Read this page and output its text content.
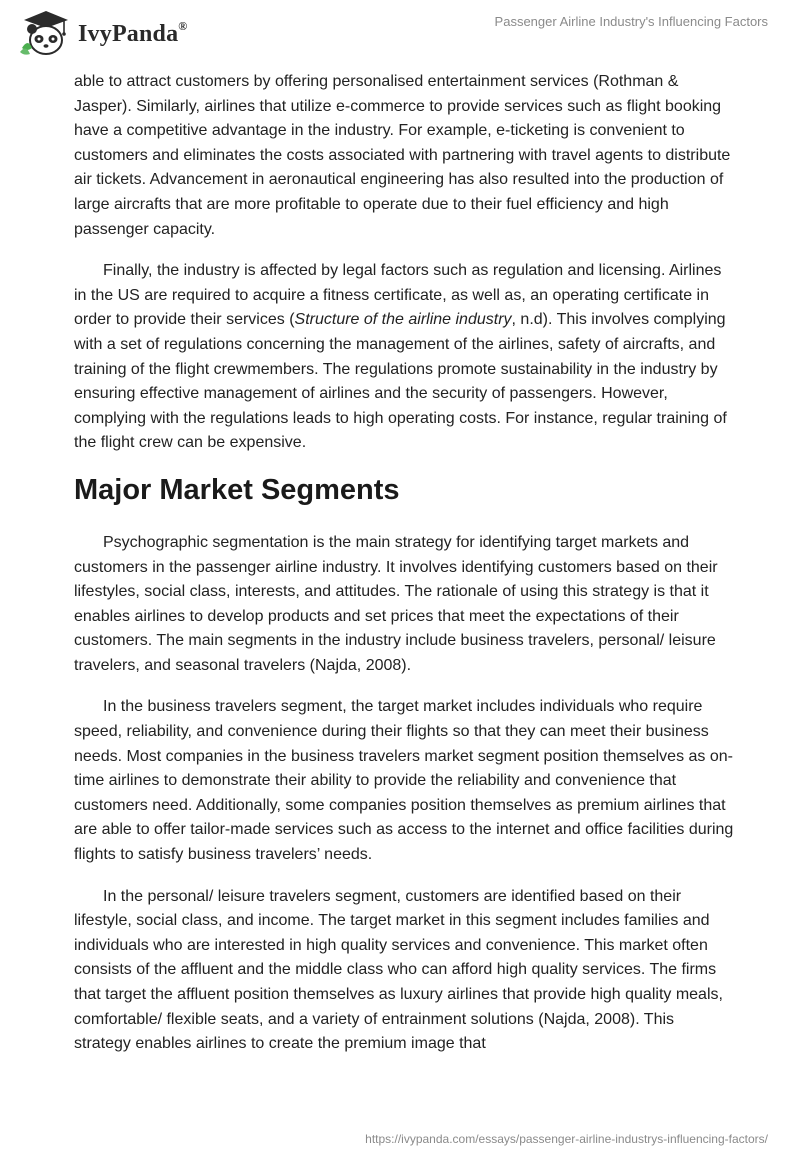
IvyPanda®	Passenger Airline Industry's Influencing Factors

able to attract customers by offering personalised entertainment services (Rothman & Jasper). Similarly, airlines that utilize e-commerce to provide services such as flight booking have a competitive advantage in the industry. For example, e-ticketing is convenient to customers and eliminates the costs associated with partnering with travel agents to distribute air tickets. Advancement in aeronautical engineering has also resulted into the production of large aircrafts that are more profitable to operate due to their fuel efficiency and high passenger capacity.

Finally, the industry is affected by legal factors such as regulation and licensing. Airlines in the US are required to acquire a fitness certificate, as well as, an operating certificate in order to provide their services (Structure of the airline industry, n.d). This involves complying with a set of regulations concerning the management of the airlines, safety of aircrafts, and training of the flight crewmembers. The regulations promote sustainability in the industry by ensuring effective management of airlines and the security of passengers. However, complying with the regulations leads to high operating costs. For instance, regular training of the flight crew can be expensive.

Major Market Segments

Psychographic segmentation is the main strategy for identifying target markets and customers in the passenger airline industry. It involves identifying customers based on their lifestyles, social class, interests, and attitudes. The rationale of using this strategy is that it enables airlines to develop products and set prices that meet the expectations of their customers. The main segments in the industry include business travelers, personal/ leisure travelers, and seasonal travelers (Najda, 2008).

In the business travelers segment, the target market includes individuals who require speed, reliability, and convenience during their flights so that they can meet their business needs. Most companies in the business travelers market segment position themselves as on-time airlines to demonstrate their ability to provide the reliability and convenience that customers need. Additionally, some companies position themselves as premium airlines that are able to offer tailor-made services such as access to the internet and office facilities during flights to satisfy business travelers’ needs.

In the personal/ leisure travelers segment, customers are identified based on their lifestyle, social class, and income. The target market in this segment includes families and individuals who are interested in high quality services and convenience. This market often consists of the affluent and the middle class who can afford high quality services. The firms that target the affluent position themselves as luxury airlines that provide high quality meals, comfortable/ flexible seats, and a variety of entrainment solutions (Najda, 2008). This strategy enables airlines to create the premium image that

https://ivypanda.com/essays/passenger-airline-industrys-influencing-factors/
